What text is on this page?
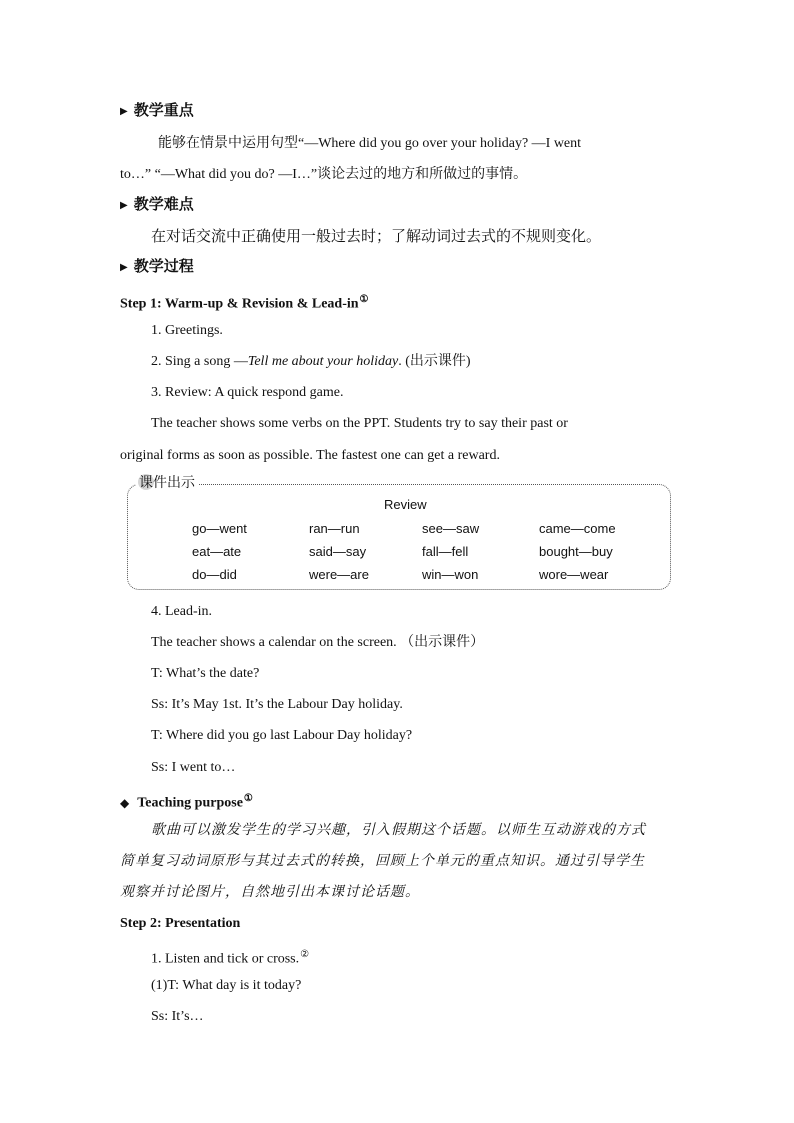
▶ 教学重点
能够在情景中运用句型“—Where did you go over your holiday? —I went
to…” “—What did you do? —I…”谈论去过的地方和所做过的事情。
▶ 教学难点
在对话交流中正确使用一般过去时；了解动词过去式的不规则变化。
▶ 教学过程
Step 1: Warm-up & Revision & Lead-in①
1. Greetings.
2. Sing a song —Tell me about your holiday. (出示课件)
3. Review: A quick respond game.
The teacher shows some verbs on the PPT. Students try to say their past or
original forms as soon as possible. The fastest one can get a reward.
课件出示
Review
go—went	ran—run	see—saw	came—come
eat—ate	said—say	fall—fell	bought—buy
do—did	were—are	win—won	wore—wear
4. Lead-in.
The teacher shows a calendar on the screen. （出示课件）
T: What’s the date?
Ss: It’s May 1st. It’s the Labour Day holiday.
T: Where did you go last Labour Day holiday?
Ss: I went to…
◆ Teaching purpose①
歌曲可以激发学生的学习兴趣，引入假期这个话题。以师生互动游戏的方式
简单复习动词原形与其过去式的转换，回顾上个单元的重点知识。通过引导学生
观察并讨论图片，自然地引出本课讨论话题。
Step 2: Presentation
1. Listen and tick or cross.②
(1)T: What day is it today?
Ss: It’s…
